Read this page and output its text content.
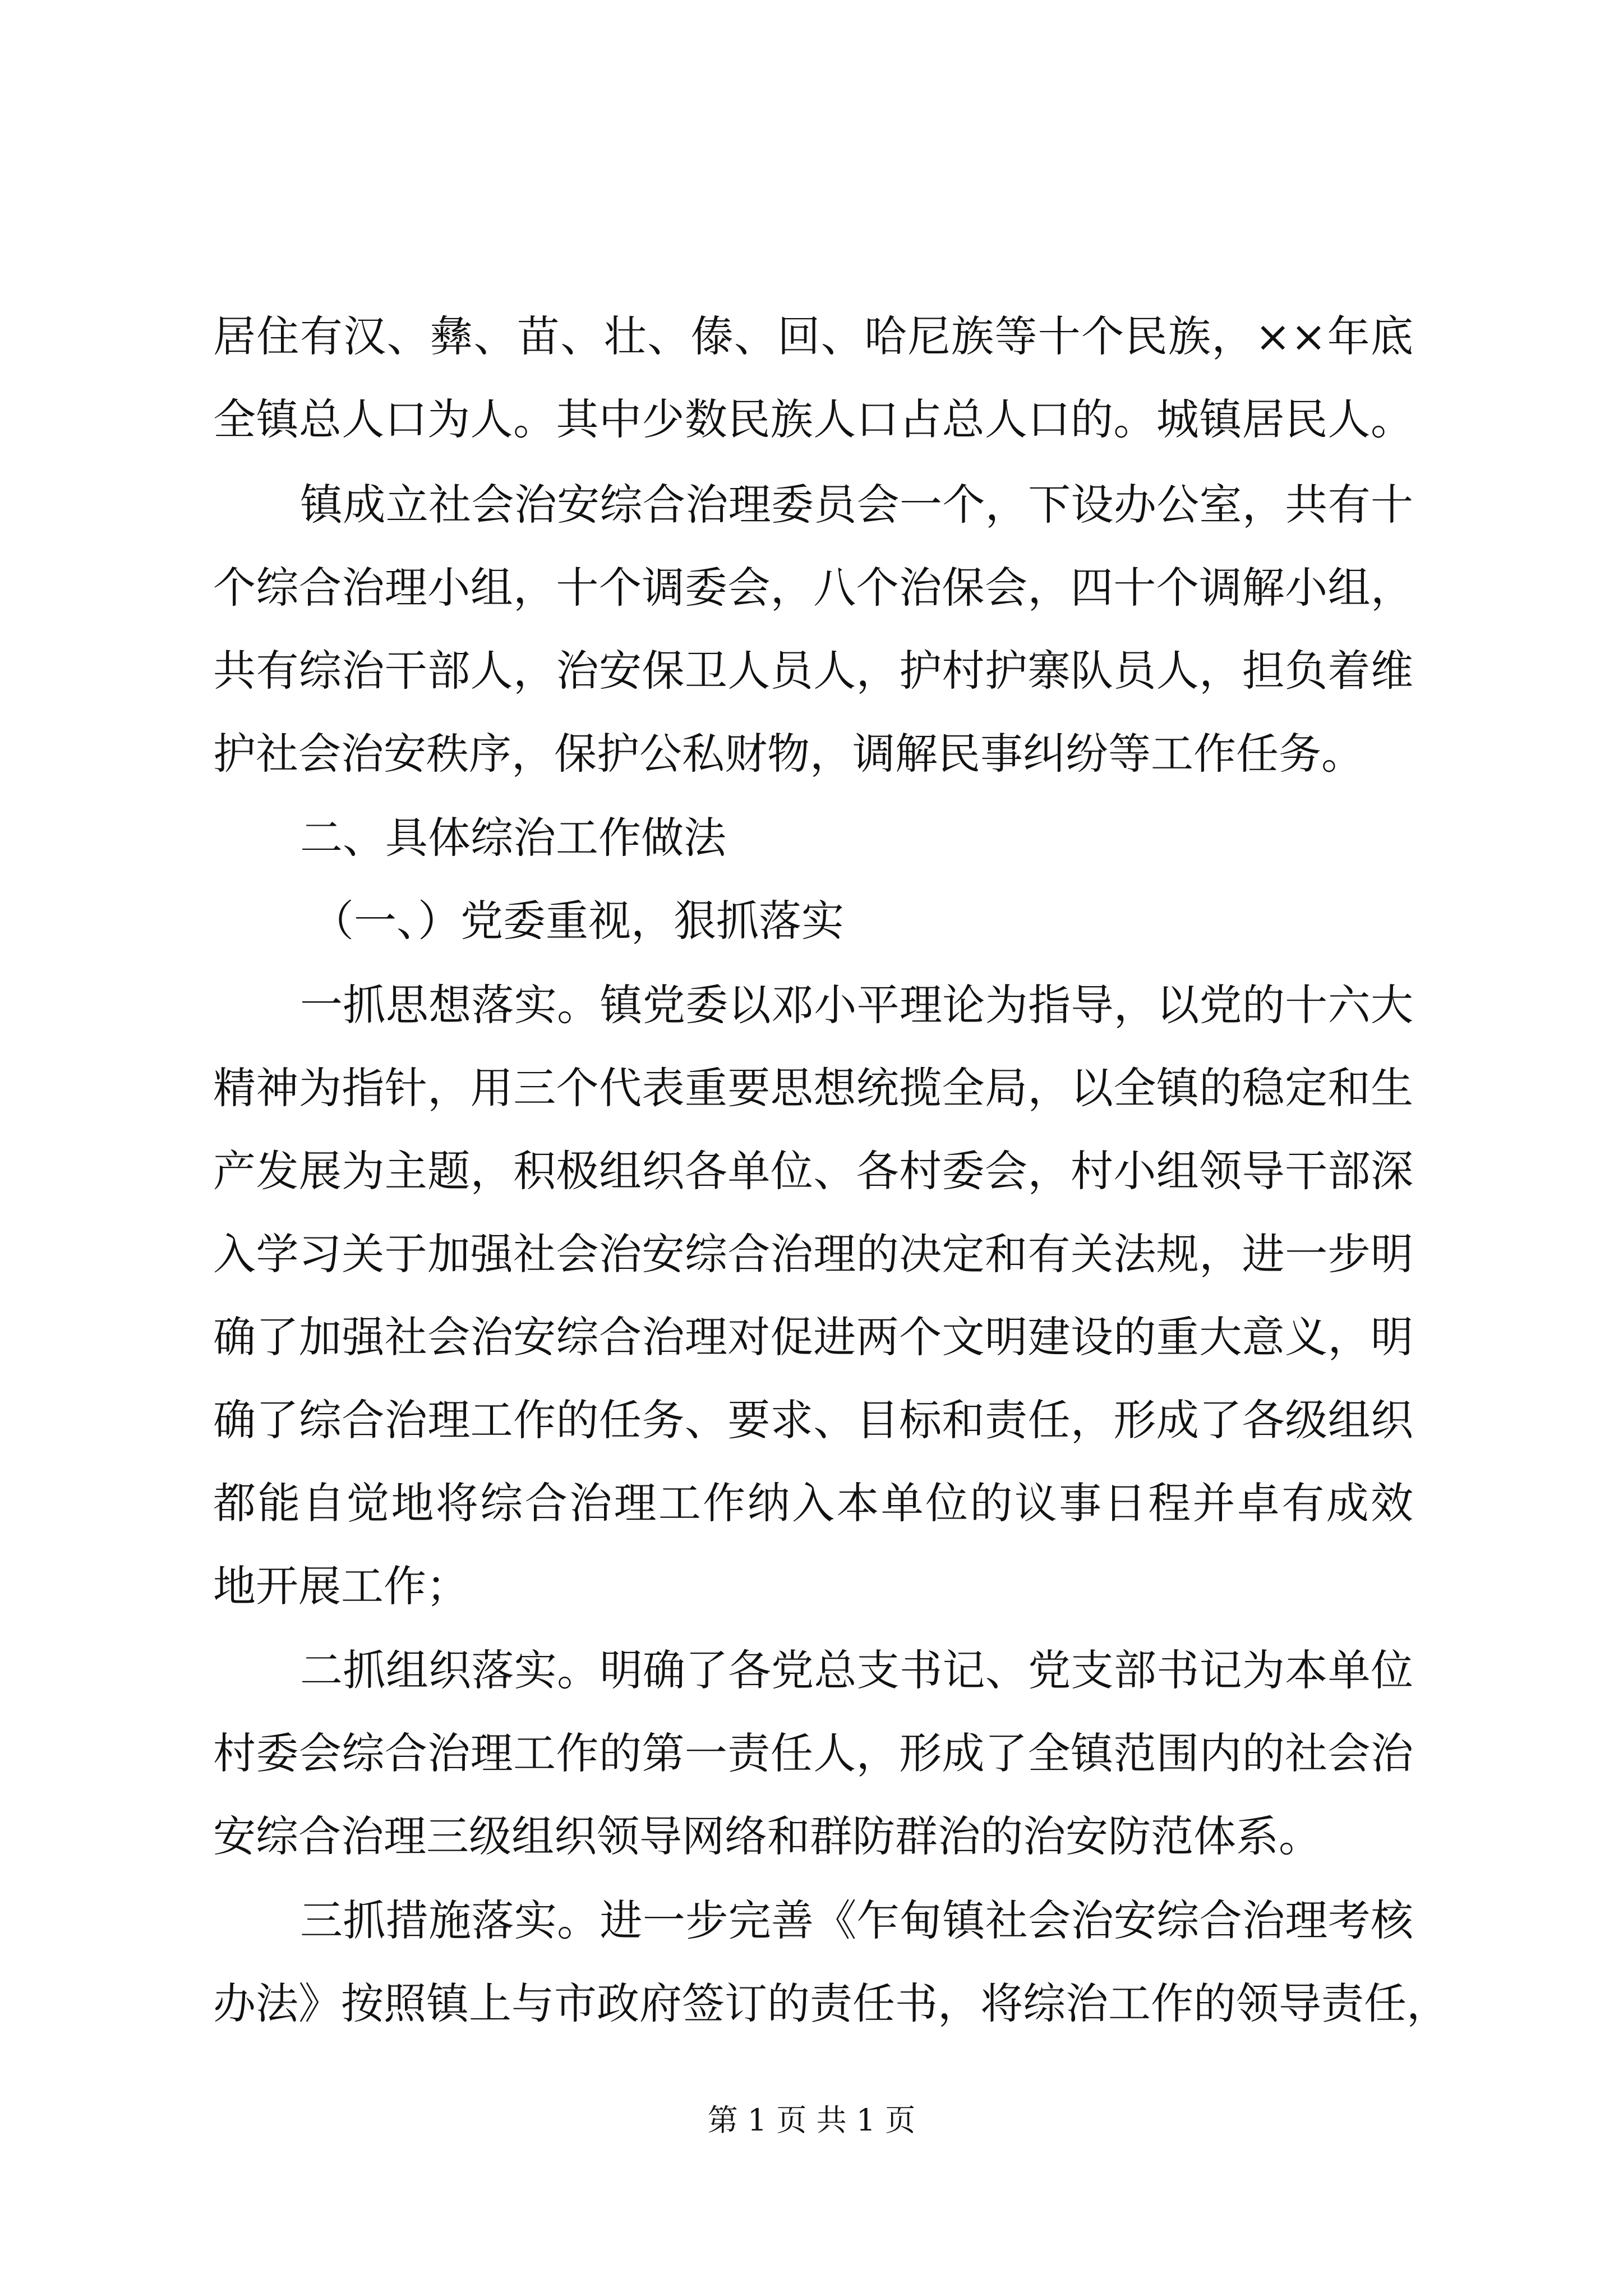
居住有汉、彝、苗、壮、傣、回、哈尼族等十个民族，××年底
全镇总人口为人。其中少数民族人口占总人口的。城镇居民人。
镇成立社会治安综合治理委员会一个，下设办公室，共有十
个综合治理小组，十个调委会，八个治保会，四十个调解小组，
共有综治干部人，治安保卫人员人，护村护寨队员人，担负着维
护社会治安秩序，保护公私财物，调解民事纠纷等工作任务。
二、具体综治工作做法
（一、）党委重视，狠抓落实
一抓思想落实。镇党委以邓小平理论为指导，以党的十六大
精神为指针，用三个代表重要思想统揽全局，以全镇的稳定和生
产发展为主题，积极组织各单位、各村委会，村小组领导干部深
入学习关于加强社会治安综合治理的决定和有关法规，进一步明
确了加强社会治安综合治理对促进两个文明建设的重大意义，明
确了综合治理工作的任务、要求、目标和责任，形成了各级组织
都能自觉地将综合治理工作纳入本单位的议事日程并卓有成效
地开展工作；
二抓组织落实。明确了各党总支书记、党支部书记为本单位
村委会综合治理工作的第一责任人，形成了全镇范围内的社会治
安综合治理三级组织领导网络和群防群治的治安防范体系。
三抓措施落实。进一步完善《乍甸镇社会治安综合治理考核
办法》按照镇上与市政府签订的责任书，将综治工作的领导责任，
第 1 页 共 1 页
